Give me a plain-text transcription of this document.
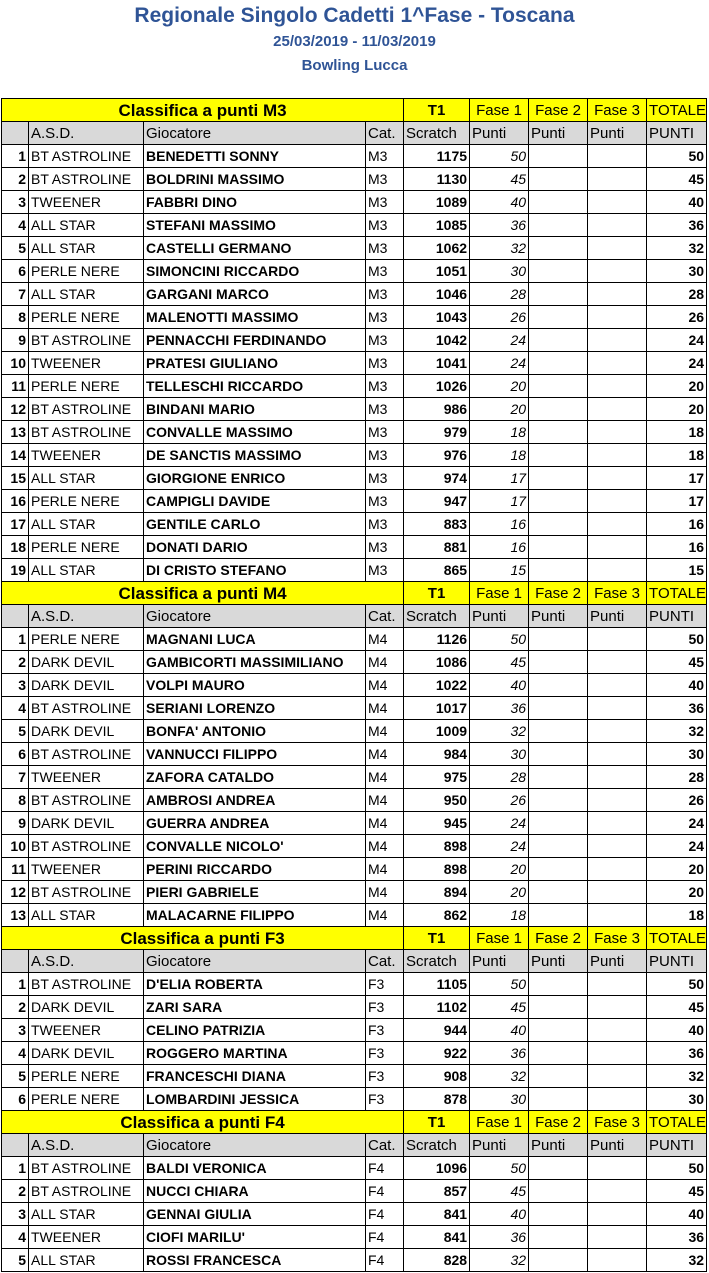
Regionale Singolo Cadetti 1^Fase - Toscana
25/03/2019 - 11/03/2019
Bowling Lucca
Classifica a punti M3				T1	Fase 1	Fase 2	Fase 3	TOTALE
	A.S.D.	Giocatore	Cat.	Scratch	Punti	Punti	Punti	PUNTI
1	BT ASTROLINE	BENEDETTI SONNY	M3	1175	50			50
2	BT ASTROLINE	BOLDRINI MASSIMO	M3	1130	45			45
3	TWEENER	FABBRI DINO	M3	1089	40			40
4	ALL STAR	STEFANI MASSIMO	M3	1085	36			36
5	ALL STAR	CASTELLI GERMANO	M3	1062	32			32
6	PERLE NERE	SIMONCINI RICCARDO	M3	1051	30			30
7	ALL STAR	GARGANI MARCO	M3	1046	28			28
8	PERLE NERE	MALENOTTI MASSIMO	M3	1043	26			26
9	BT ASTROLINE	PENNACCHI FERDINANDO	M3	1042	24			24
10	TWEENER	PRATESI GIULIANO	M3	1041	24			24
11	PERLE NERE	TELLESCHI RICCARDO	M3	1026	20			20
12	BT ASTROLINE	BINDANI MARIO	M3	986	20			20
13	BT ASTROLINE	CONVALLE MASSIMO	M3	979	18			18
14	TWEENER	DE SANCTIS MASSIMO	M3	976	18			18
15	ALL STAR	GIORGIONE ENRICO	M3	974	17			17
16	PERLE NERE	CAMPIGLI DAVIDE	M3	947	17			17
17	ALL STAR	GENTILE CARLO	M3	883	16			16
18	PERLE NERE	DONATI DARIO	M3	881	16			16
19	ALL STAR	DI CRISTO STEFANO	M3	865	15			15
Classifica a punti M4				T1	Fase 1	Fase 2	Fase 3	TOTALE
	A.S.D.	Giocatore	Cat.	Scratch	Punti	Punti	Punti	PUNTI
1	PERLE NERE	MAGNANI LUCA	M4	1126	50			50
2	DARK DEVIL	GAMBICORTI MASSIMILIANO	M4	1086	45			45
3	DARK DEVIL	VOLPI MAURO	M4	1022	40			40
4	BT ASTROLINE	SERIANI LORENZO	M4	1017	36			36
5	DARK DEVIL	BONFA' ANTONIO	M4	1009	32			32
6	BT ASTROLINE	VANNUCCI FILIPPO	M4	984	30			30
7	TWEENER	ZAFORA CATALDO	M4	975	28			28
8	BT ASTROLINE	AMBROSI ANDREA	M4	950	26			26
9	DARK DEVIL	GUERRA ANDREA	M4	945	24			24
10	BT ASTROLINE	CONVALLE NICOLO'	M4	898	24			24
11	TWEENER	PERINI RICCARDO	M4	898	20			20
12	BT ASTROLINE	PIERI GABRIELE	M4	894	20			20
13	ALL STAR	MALACARNE FILIPPO	M4	862	18			18
Classifica a punti F3				T1	Fase 1	Fase 2	Fase 3	TOTALE
	A.S.D.	Giocatore	Cat.	Scratch	Punti	Punti	Punti	PUNTI
1	BT ASTROLINE	D'ELIA ROBERTA	F3	1105	50			50
2	DARK DEVIL	ZARI SARA	F3	1102	45			45
3	TWEENER	CELINO PATRIZIA	F3	944	40			40
4	DARK DEVIL	ROGGERO MARTINA	F3	922	36			36
5	PERLE NERE	FRANCESCHI DIANA	F3	908	32			32
6	PERLE NERE	LOMBARDINI JESSICA	F3	878	30			30
Classifica a punti F4				T1	Fase 1	Fase 2	Fase 3	TOTALE
	A.S.D.	Giocatore	Cat.	Scratch	Punti	Punti	Punti	PUNTI
1	BT ASTROLINE	BALDI VERONICA	F4	1096	50			50
2	BT ASTROLINE	NUCCI CHIARA	F4	857	45			45
3	ALL STAR	GENNAI GIULIA	F4	841	40			40
4	TWEENER	CIOFI MARILU'	F4	841	36			36
5	ALL STAR	ROSSI FRANCESCA	F4	828	32			32
